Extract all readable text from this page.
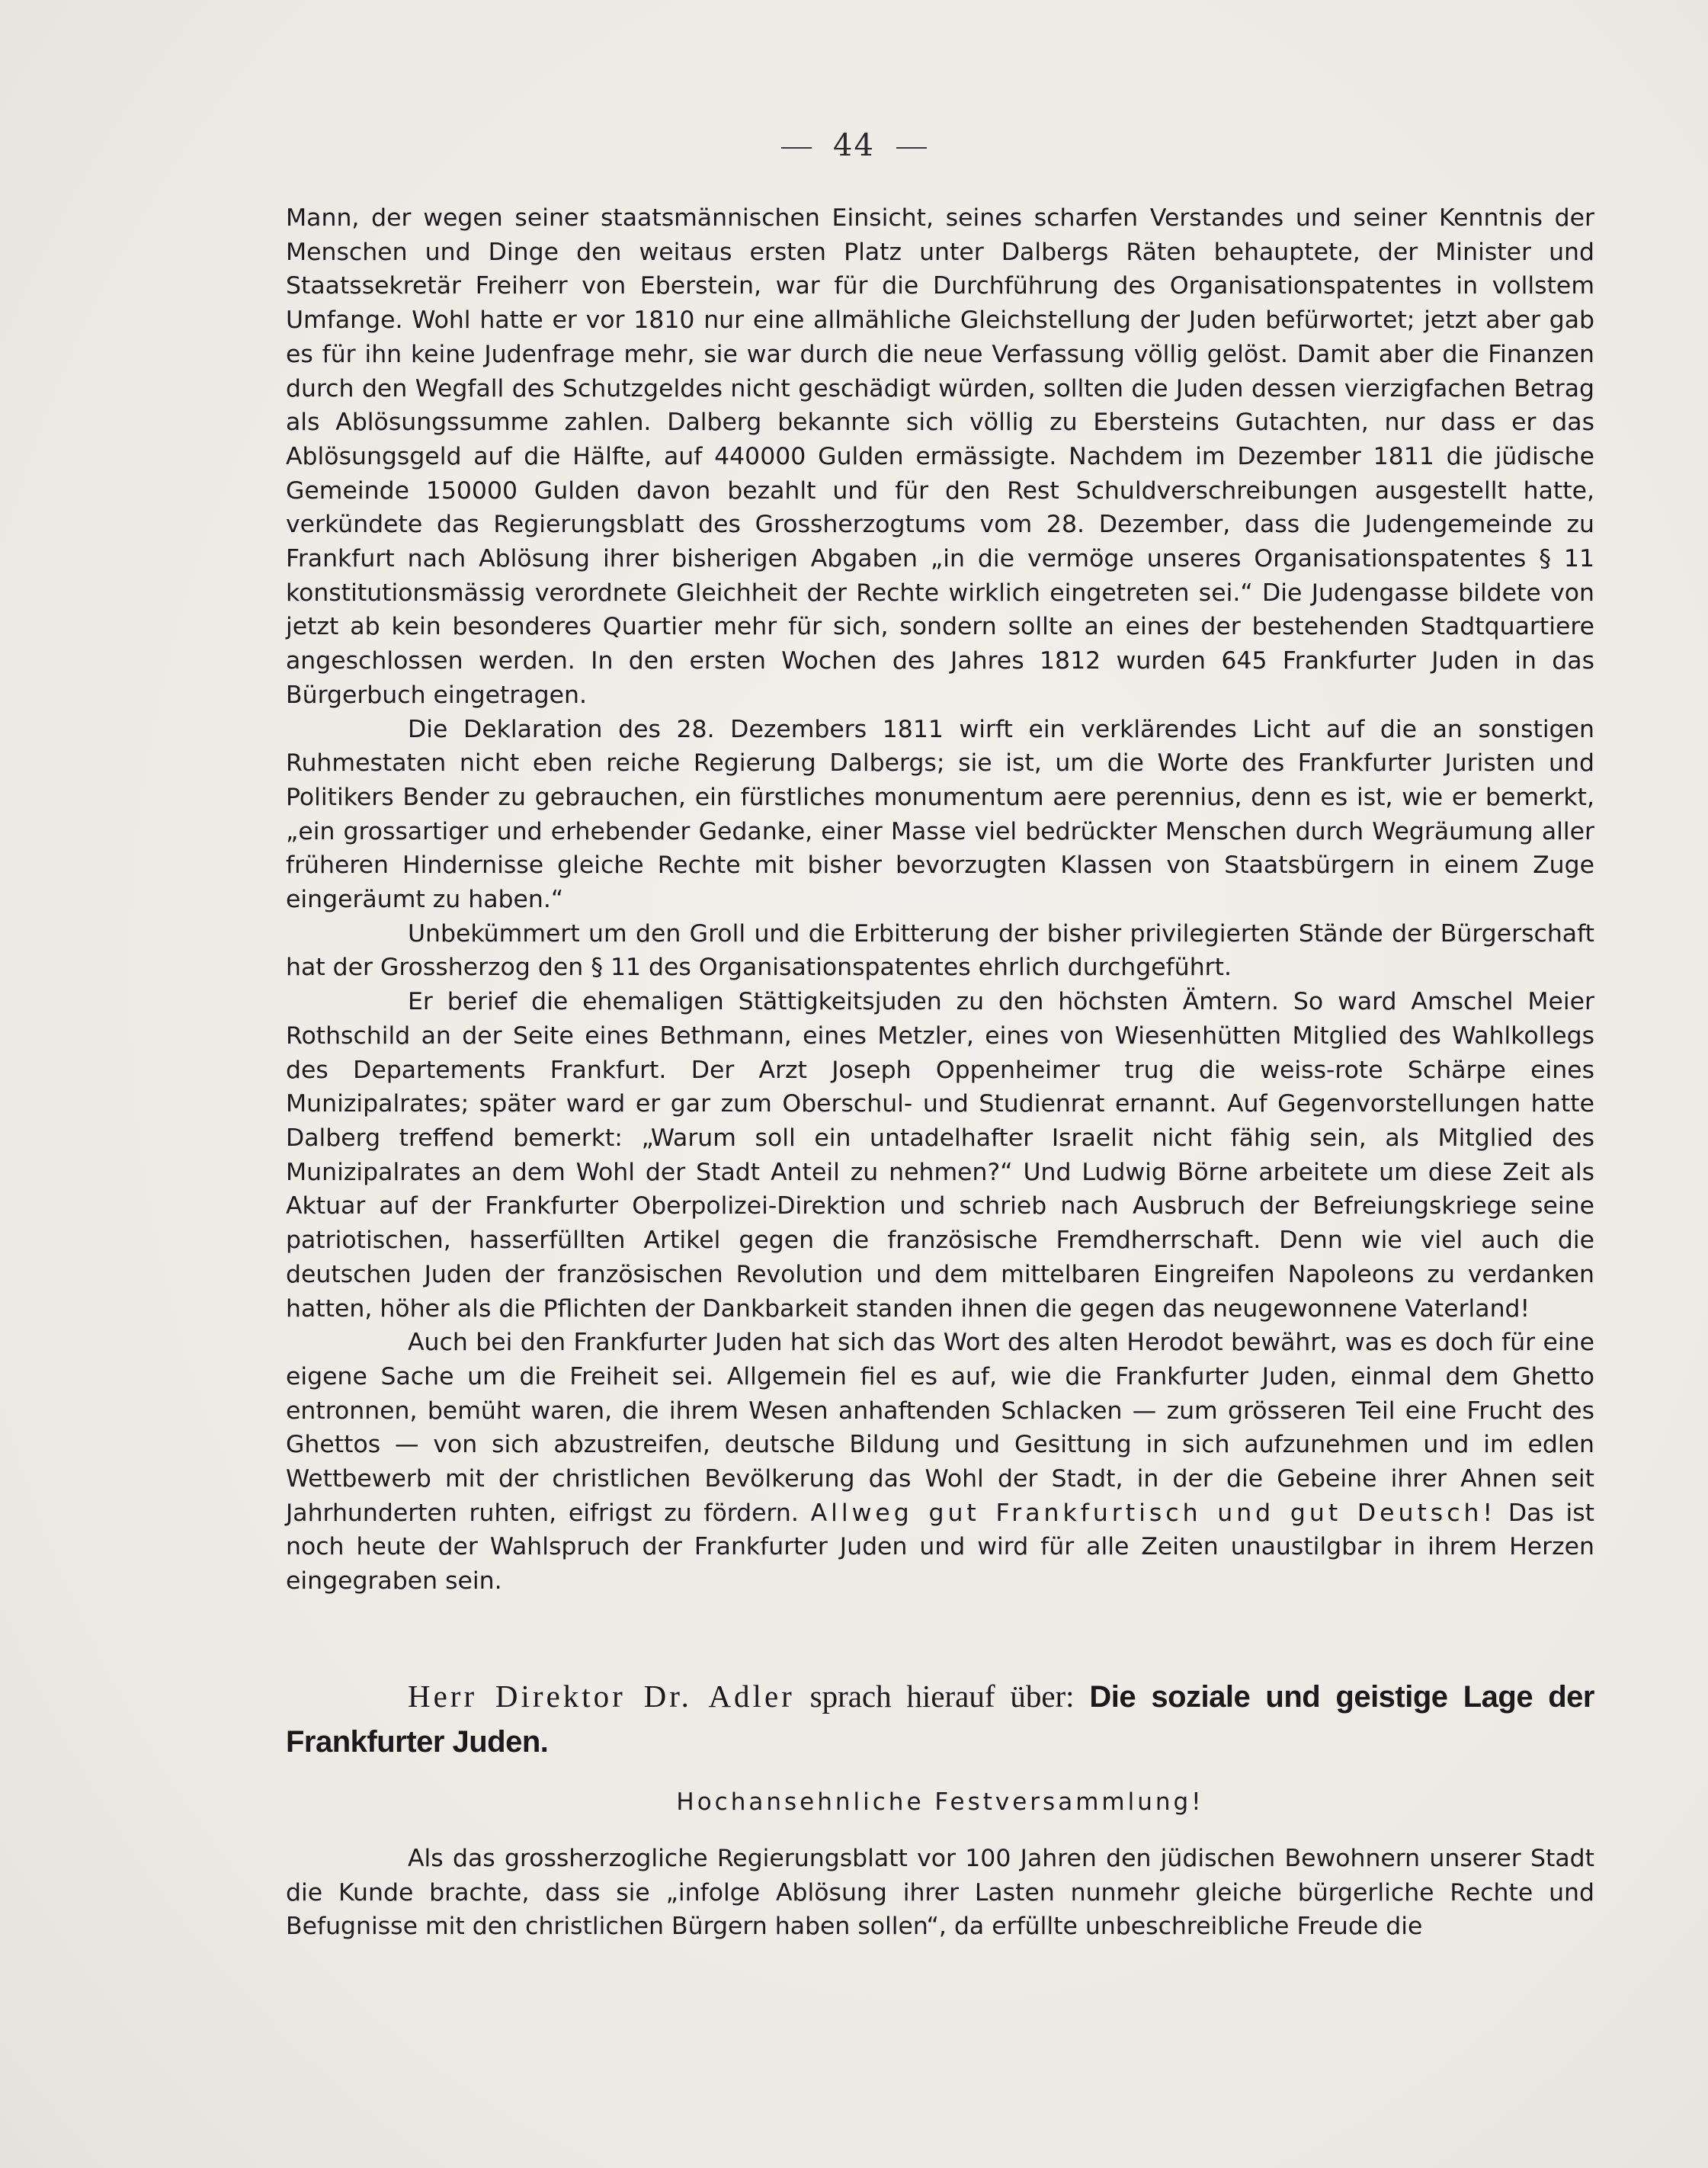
44

Mann, der wegen seiner staatsmännischen Einsicht, seines scharfen Verstandes und seiner Kenntnis der Menschen und Dinge den weitaus ersten Platz unter Dalbergs Räten behauptete, der Minister und Staatssekretär Freiherr von Eberstein, war für die Durchführung des Organisationspatentes in vollstem Umfange. Wohl hatte er vor 1810 nur eine allmähliche Gleichstellung der Juden befürwortet; jetzt aber gab es für ihn keine Judenfrage mehr, sie war durch die neue Verfassung völlig gelöst. Damit aber die Finanzen durch den Wegfall des Schutzgeldes nicht geschädigt würden, sollten die Juden dessen vierzigfachen Betrag als Ablösungssumme zahlen. Dalberg bekannte sich völlig zu Ebersteins Gutachten, nur dass er das Ablösungsgeld auf die Hälfte, auf 440000 Gulden ermässigte. Nachdem im Dezember 1811 die jüdische Gemeinde 150000 Gulden davon bezahlt und für den Rest Schuldverschreibungen ausgestellt hatte, verkündete das Regierungsblatt des Grossherzogtums vom 28. Dezember, dass die Judengemeinde zu Frankfurt nach Ablösung ihrer bisherigen Abgaben „in die vermöge unseres Organisationspatentes § 11 konstitutionsmässig verordnete Gleichheit der Rechte wirklich eingetreten sei.“ Die Judengasse bildete von jetzt ab kein besonderes Quartier mehr für sich, sondern sollte an eines der bestehenden Stadtquartiere angeschlossen werden. In den ersten Wochen des Jahres 1812 wurden 645 Frankfurter Juden in das Bürgerbuch eingetragen.

Die Deklaration des 28. Dezembers 1811 wirft ein verklärendes Licht auf die an sonstigen Ruhmestaten nicht eben reiche Regierung Dalbergs; sie ist, um die Worte des Frankfurter Juristen und Politikers Bender zu gebrauchen, ein fürstliches monumentum aere perennius, denn es ist, wie er bemerkt, „ein grossartiger und erhebender Gedanke, einer Masse viel bedrückter Menschen durch Wegräumung aller früheren Hindernisse gleiche Rechte mit bisher bevorzugten Klassen von Staatsbürgern in einem Zuge eingeräumt zu haben.“

Unbekümmert um den Groll und die Erbitterung der bisher privilegierten Stände der Bürgerschaft hat der Grossherzog den § 11 des Organisationspatentes ehrlich durchgeführt.

Er berief die ehemaligen Stättigkeitsjuden zu den höchsten Ämtern. So ward Amschel Meier Rothschild an der Seite eines Bethmann, eines Metzler, eines von Wiesenhütten Mitglied des Wahlkollegs des Departements Frankfurt. Der Arzt Joseph Oppenheimer trug die weiss-rote Schärpe eines Munizipalrates; später ward er gar zum Oberschul- und Studienrat ernannt. Auf Gegenvorstellungen hatte Dalberg treffend bemerkt: „Warum soll ein untadelhafter Israelit nicht fähig sein, als Mitglied des Munizipalrates an dem Wohl der Stadt Anteil zu nehmen?“ Und Ludwig Börne arbeitete um diese Zeit als Aktuar auf der Frankfurter Oberpolizei-Direktion und schrieb nach Ausbruch der Befreiungskriege seine patriotischen, hasserfüllten Artikel gegen die französische Fremdherrschaft. Denn wie viel auch die deutschen Juden der französischen Revolution und dem mittelbaren Eingreifen Napoleons zu verdanken hatten, höher als die Pflichten der Dankbarkeit standen ihnen die gegen das neugewonnene Vaterland!

Auch bei den Frankfurter Juden hat sich das Wort des alten Herodot bewährt, was es doch für eine eigene Sache um die Freiheit sei. Allgemein fiel es auf, wie die Frankfurter Juden, einmal dem Ghetto entronnen, bemüht waren, die ihrem Wesen anhaftenden Schlacken — zum grösseren Teil eine Frucht des Ghettos — von sich abzustreifen, deutsche Bildung und Gesittung in sich aufzunehmen und im edlen Wettbewerb mit der christlichen Bevölkerung das Wohl der Stadt, in der die Gebeine ihrer Ahnen seit Jahrhunderten ruhten, eifrigst zu fördern. Allweg gut Frankfurtisch und gut Deutsch! Das ist noch heute der Wahlspruch der Frankfurter Juden und wird für alle Zeiten unaustilgbar in ihrem Herzen eingegraben sein.

Herr Direktor Dr. Adler sprach hierauf über: Die soziale und geistige Lage der Frankfurter Juden.
Hochansehnliche Festversammlung!

Als das grossherzogliche Regierungsblatt vor 100 Jahren den jüdischen Bewohnern unserer Stadt die Kunde brachte, dass sie „infolge Ablösung ihrer Lasten nunmehr gleiche bürgerliche Rechte und Befugnisse mit den christlichen Bürgern haben sollen“, da erfüllte unbeschreibliche Freude die
